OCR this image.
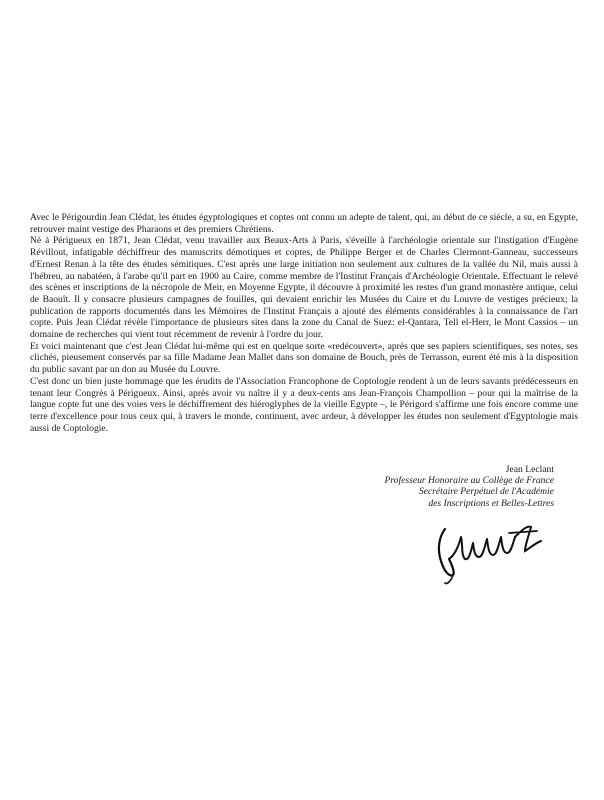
Avec le Périgourdin Jean Clédat, les études égyptologiques et coptes ont connu un adepte de talent, qui, au début de ce siécle, a su, en Egypte, retrouver maint vestige des Pharaons et des premiers Chrétiens.

Né à Périgueux en 1871, Jean Clédat, venu travailler aux Beaux-Arts à Paris, s'éveille à l'archéologie orientale sur l'instigation d'Eugène Révillout, infatigable déchiffreur des manuscrits démotiques et coptes, de Philippe Berger et de Charles Clermont-Ganneau, successeurs d'Ernest Renan à la tête des études sémitiques. C'est après une large initiation non seulement aux cultures de la vallée du Nil, mais aussi à l'hébreu, au nabatéen, à l'arabe qu'il part en 1900 au Caire, comme membre de l'Institut Français d'Archéologie Orientale. Effectuant le relevé des scènes et inscriptions de la nécropole de Meir, en Moyenne Egypte, il découvre à proximité les restes d'un grand monastère antique, celui de Baouît. Il y consacre plusieurs campagnes de fouilles, qui devaient enrichir les Musées du Caire et du Louvre de vestiges précieux; la publication de rapports documentés dans les Mémoires de l'Institut Français a ajouté des éléments considérables à la connaissance de l'art copte. Puis Jean Clédat révèle l'importance de plusieurs sites dans la zone du Canal de Suez: el-Qantara, Tell el-Herr, le Mont Cassios – un domaine de recherches qui vient tout récemment de revenir à l'ordre du jour.

Et voici maintenant que c'est Jean Clédat lui-même qui est en quelque sorte «redécouvert», après que ses papiers scientifiques, ses notes, ses clichés, pieusement conservés par sa fille Madame Jean Mallet dans son domaine de Bouch, près de Terrasson, eurent été mis à la disposition du public savant par un don au Musée du Louvre.

C'est donc un bien juste hommage que les érudits de l'Association Francophone de Coptologie rendent à un de leurs savants prédécesseurs en tenant leur Congrès à Périgueux. Ainsi, après avoir vu naître il y a deux-cents ans Jean-François Champollion – pour qui la maîtrise de la langue copte fut une des voies vers le déchiffrement des hiéroglyphes de la vieille Egypte –, le Périgord s'affirme une fois encore comme une terre d'excellence pour tous ceux qui, à travers le monde, continuent, avec ardeur, à développer les études non seulement d'Egyptologie mais aussi de Coptologie.

Jean Leclant
Professeur Honoraire au Collège de France
Secrétaire Perpétuel de l'Académie
des Inscriptions et Belles-Lettres
